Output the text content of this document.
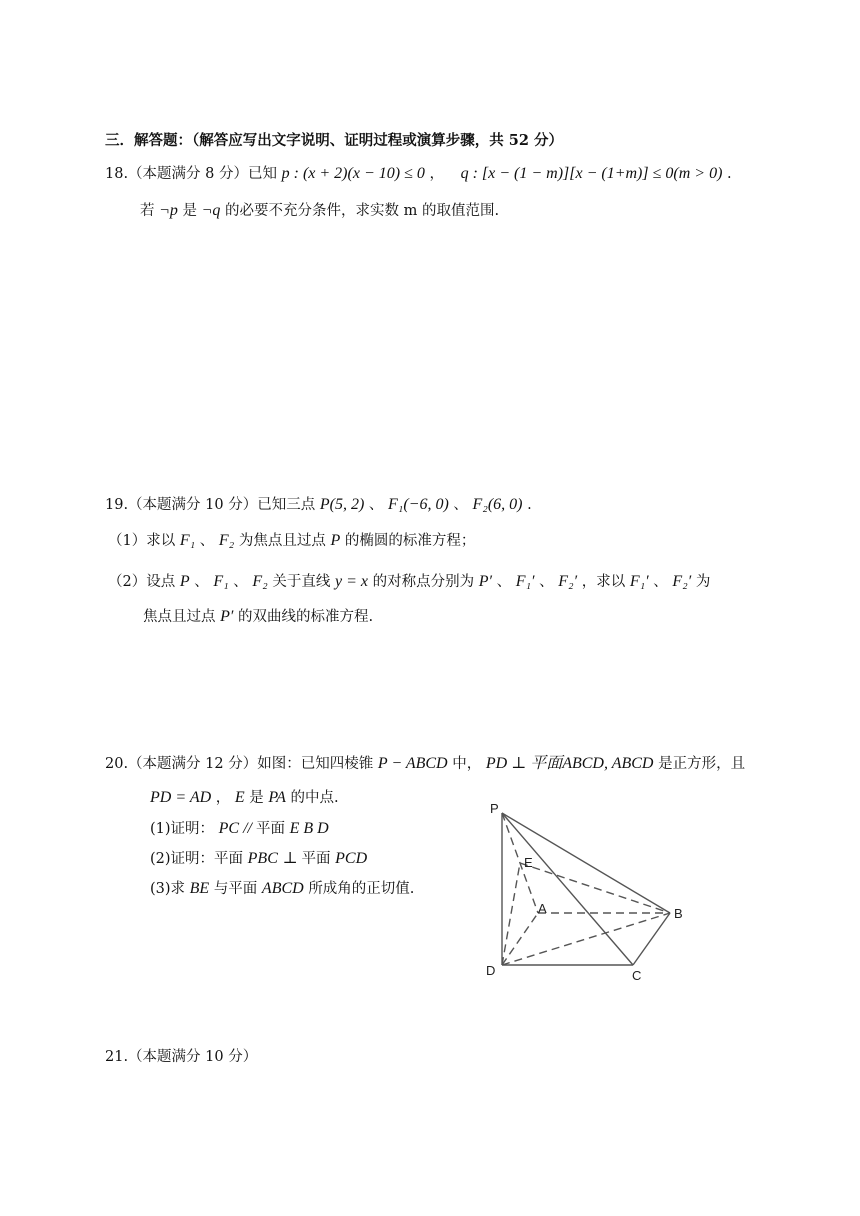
三．解答题：（解答应写出文字说明、证明过程或演算步骤，共 52 分）
18.（本题满分 8 分）已知 p : (x + 2)(x − 10) ≤ 0 ， q : [x − (1 − m)][x − (1+m)] ≤ 0(m > 0) .
若 ¬p 是 ¬q 的必要不充分条件，求实数 m 的取值范围.
19.（本题满分 10 分）已知三点 P(5, 2) 、 F₁(−6, 0) 、 F₂(6, 0) .
（1）求以 F₁ 、 F₂ 为焦点且过点 P 的椭圆的标准方程；
（2）设点 P 、 F₁ 、 F₂ 关于直线 y = x 的对称点分别为 P′ 、 F₁′ 、 F₂′ ，求以 F₁′ 、 F₂′ 为
焦点且过点 P′ 的双曲线的标准方程.
20.（本题满分 12 分）如图：已知四棱锥 P − ABCD 中， PD ⊥ 平面ABCD, ABCD 是正方形，且
PD = AD ， E 是 PA 的中点.
(1)证明： PC // 平面 E B D
(2)证明：平面 PBC ⊥ 平面 PCD
(3)求 BE 与平面 ABCD 所成角的正切值.
P
E
A	B
C
D
21.（本题满分 10 分）
